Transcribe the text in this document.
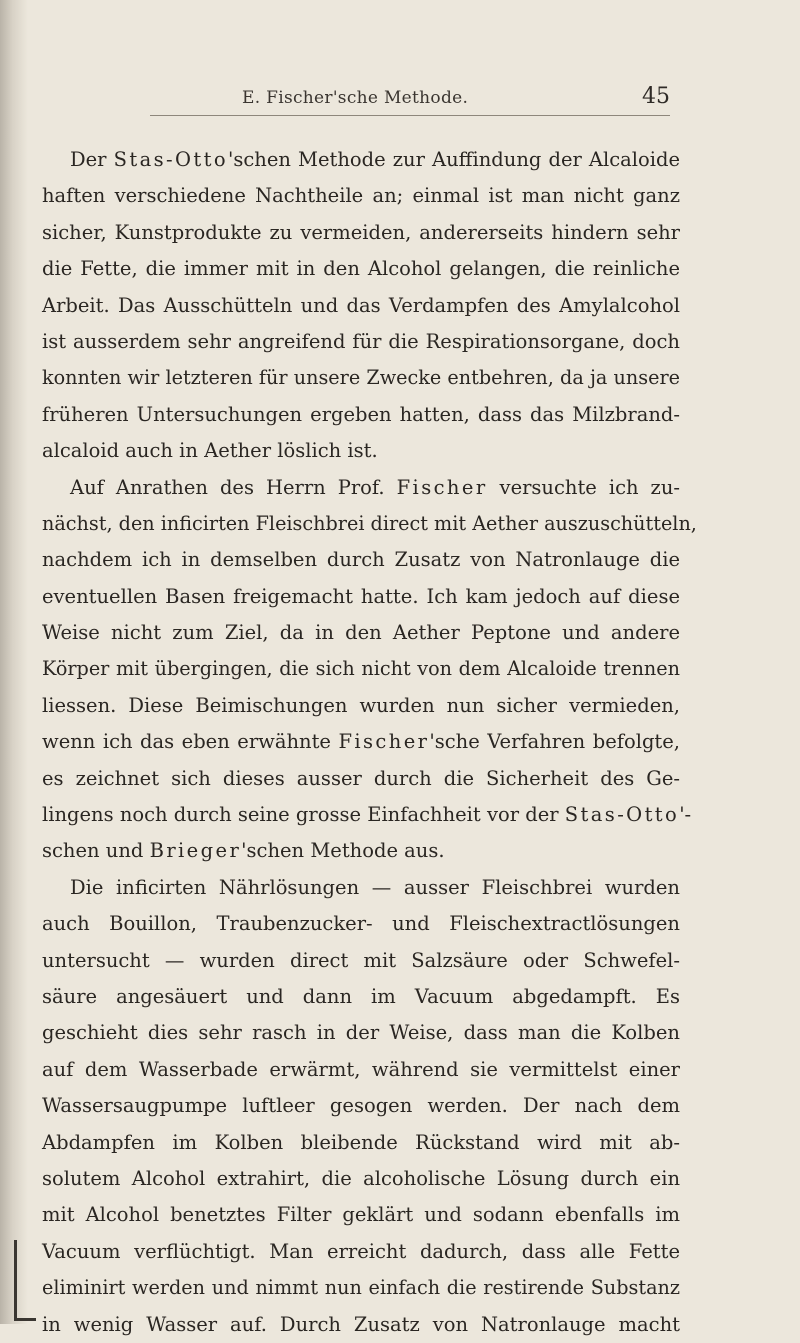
E. Fischer'sche Methode.	45
Der Stas-Otto'schen Methode zur Auffindung der Alcaloide
haften verschiedene Nachtheile an; einmal ist man nicht ganz
sicher, Kunstprodukte zu vermeiden, andererseits hindern sehr
die Fette, die immer mit in den Alcohol gelangen, die reinliche
Arbeit. Das Ausschütteln und das Verdampfen des Amylalcohol
ist ausserdem sehr angreifend für die Respirationsorgane, doch
konnten wir letzteren für unsere Zwecke entbehren, da ja unsere
früheren Untersuchungen ergeben hatten, dass das Milzbrand-
alcaloid auch in Aether löslich ist.
Auf Anrathen des Herrn Prof. Fischer versuchte ich zu-
nächst, den inficirten Fleischbrei direct mit Aether auszuschütteln,
nachdem ich in demselben durch Zusatz von Natronlauge die
eventuellen Basen freigemacht hatte. Ich kam jedoch auf diese
Weise nicht zum Ziel, da in den Aether Peptone und andere
Körper mit übergingen, die sich nicht von dem Alcaloide trennen
liessen. Diese Beimischungen wurden nun sicher vermieden,
wenn ich das eben erwähnte Fischer'sche Verfahren befolgte,
es zeichnet sich dieses ausser durch die Sicherheit des Ge-
lingens noch durch seine grosse Einfachheit vor der Stas-Otto'-
schen und Brieger'schen Methode aus.
Die inficirten Nährlösungen — ausser Fleischbrei wurden
auch Bouillon, Traubenzucker- und Fleischextractlösungen
untersucht — wurden direct mit Salzsäure oder Schwefel-
säure angesäuert und dann im Vacuum abgedampft. Es
geschieht dies sehr rasch in der Weise, dass man die Kolben
auf dem Wasserbade erwärmt, während sie vermittelst einer
Wassersaugpumpe luftleer gesogen werden. Der nach dem
Abdampfen im Kolben bleibende Rückstand wird mit ab-
solutem Alcohol extrahirt, die alcoholische Lösung durch ein
mit Alcohol benetztes Filter geklärt und sodann ebenfalls im
Vacuum verflüchtigt. Man erreicht dadurch, dass alle Fette
eliminirt werden und nimmt nun einfach die restirende Substanz
in wenig Wasser auf. Durch Zusatz von Natronlauge macht
